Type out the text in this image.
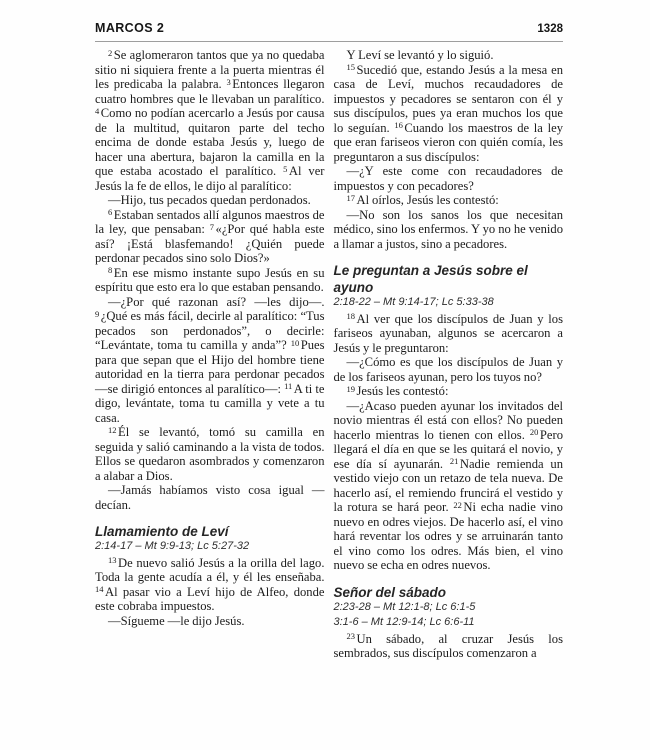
MARCOS 2	1328

$^2$ Se aglomeraron tantos que ya no quedaba sitio ni siquiera frente a la puerta mientras él les predicaba la palabra. $^3$ Entonces llegaron cuatro hombres que le llevaban un paralítico. $^4$ Como no podían acercarlo a Jesús por causa de la multitud, quitaron parte del techo encima de donde estaba Jesús y, luego de hacer una abertura, bajaron la camilla en la que estaba acostado el paralítico. $^5$ Al ver Jesús la fe de ellos, le dijo al paralítico:

—Hijo, tus pecados quedan perdonados.

$^6$ Estaban sentados allí algunos maestros de la ley, que pensaban: $^7$ «¿Por qué habla este así? ¡Está blasfemando! ¿Quién puede perdonar pecados sino solo Dios?»

$^8$ En ese mismo instante supo Jesús en su espíritu que esto era lo que estaban pensando.

—¿Por qué razonan así? —les dijo—. $^9$ ¿Qué es más fácil, decirle al paralítico: “Tus pecados son perdonados”, o decirle: “Levántate, toma tu camilla y anda”? $^{10}$ Pues para que sepan que el Hijo del hombre tiene autoridad en la tierra para perdonar pecados —se dirigió entonces al paralítico—: $^{11}$ A ti te digo, levántate, toma tu camilla y vete a tu casa.

$^{12}$ Él se levantó, tomó su camilla en seguida y salió caminando a la vista de todos. Ellos se quedaron asombrados y comenzaron a alabar a Dios.

—Jamás habíamos visto cosa igual —decían.

Llamamiento de Leví

2:14-17 – Mt 9:9-13; Lc 5:27-32

$^{13}$ De nuevo salió Jesús a la orilla del lago. Toda la gente acudía a él, y él les enseñaba. $^{14}$ Al pasar vio a Leví hijo de Alfeo, donde este cobraba impuestos.

—Sígueme —le dijo Jesús.

Y Leví se levantó y lo siguió.

$^{15}$ Sucedió que, estando Jesús a la mesa en casa de Leví, muchos recaudadores de impuestos y pecadores se sentaron con él y sus discípulos, pues ya eran muchos los que lo seguían. $^{16}$ Cuando los maestros de la ley que eran fariseos vieron con quién comía, les preguntaron a sus discípulos:

—¿Y este come con recaudadores de impuestos y con pecadores?

$^{17}$ Al oírlos, Jesús les contestó:

—No son los sanos los que necesitan médico, sino los enfermos. Y yo no he venido a llamar a justos, sino a pecadores.

Le preguntan a Jesús sobre el ayuno

2:18-22 – Mt 9:14-17; Lc 5:33-38

$^{18}$ Al ver que los discípulos de Juan y los fariseos ayunaban, algunos se acercaron a Jesús y le preguntaron:

—¿Cómo es que los discípulos de Juan y de los fariseos ayunan, pero los tuyos no?

$^{19}$ Jesús les contestó:

—¿Acaso pueden ayunar los invitados del novio mientras él está con ellos? No pueden hacerlo mientras lo tienen con ellos. $^{20}$ Pero llegará el día en que se les quitará el novio, y ese día sí ayunarán. $^{21}$ Nadie remienda un vestido viejo con un retazo de tela nueva. De hacerlo así, el remiendo fruncirá el vestido y la rotura se hará peor. $^{22}$ Ni echa nadie vino nuevo en odres viejos. De hacerlo así, el vino hará reventar los odres y se arruinarán tanto el vino como los odres. Más bien, el vino nuevo se echa en odres nuevos.

Señor del sábado

2:23-28 – Mt 12:1-8; Lc 6:1-5

3:1-6 – Mt 12:9-14; Lc 6:6-11

$^{23}$ Un sábado, al cruzar Jesús los sembrados, sus discípulos comenzaron a
